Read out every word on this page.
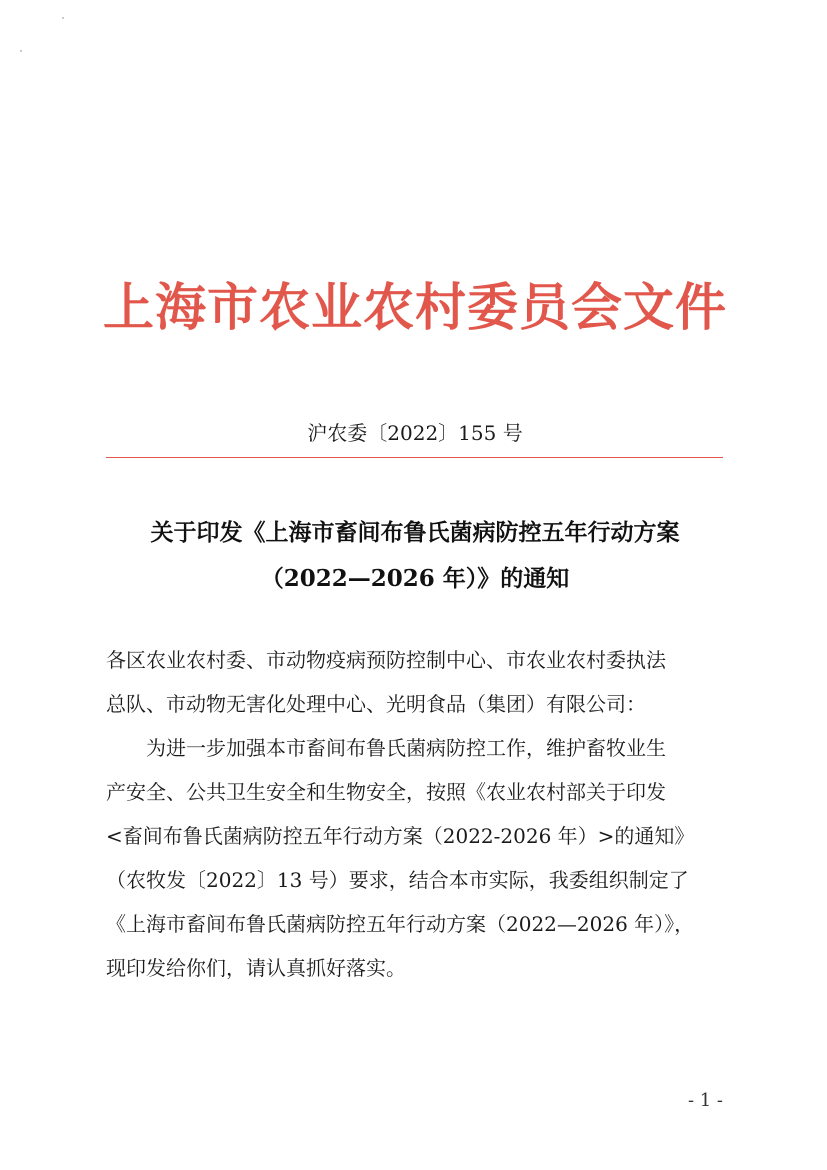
上海市农业农村委员会文件
沪农委〔2022〕155 号
关于印发《上海市畜间布鲁氏菌病防控五年行动方案
（2022—2026 年）》的通知
各区农业农村委、市动物疫病预防控制中心、市农业农村委执法
总队、市动物无害化处理中心、光明食品（集团）有限公司：
　　为进一步加强本市畜间布鲁氏菌病防控工作，维护畜牧业生
产安全、公共卫生安全和生物安全，按照《农业农村部关于印发
<畜间布鲁氏菌病防控五年行动方案（2022-2026 年）>的通知》
（农牧发〔2022〕13 号）要求，结合本市实际，我委组织制定了
《上海市畜间布鲁氏菌病防控五年行动方案（2022—2026 年）》，
现印发给你们，请认真抓好落实。
- 1 -
